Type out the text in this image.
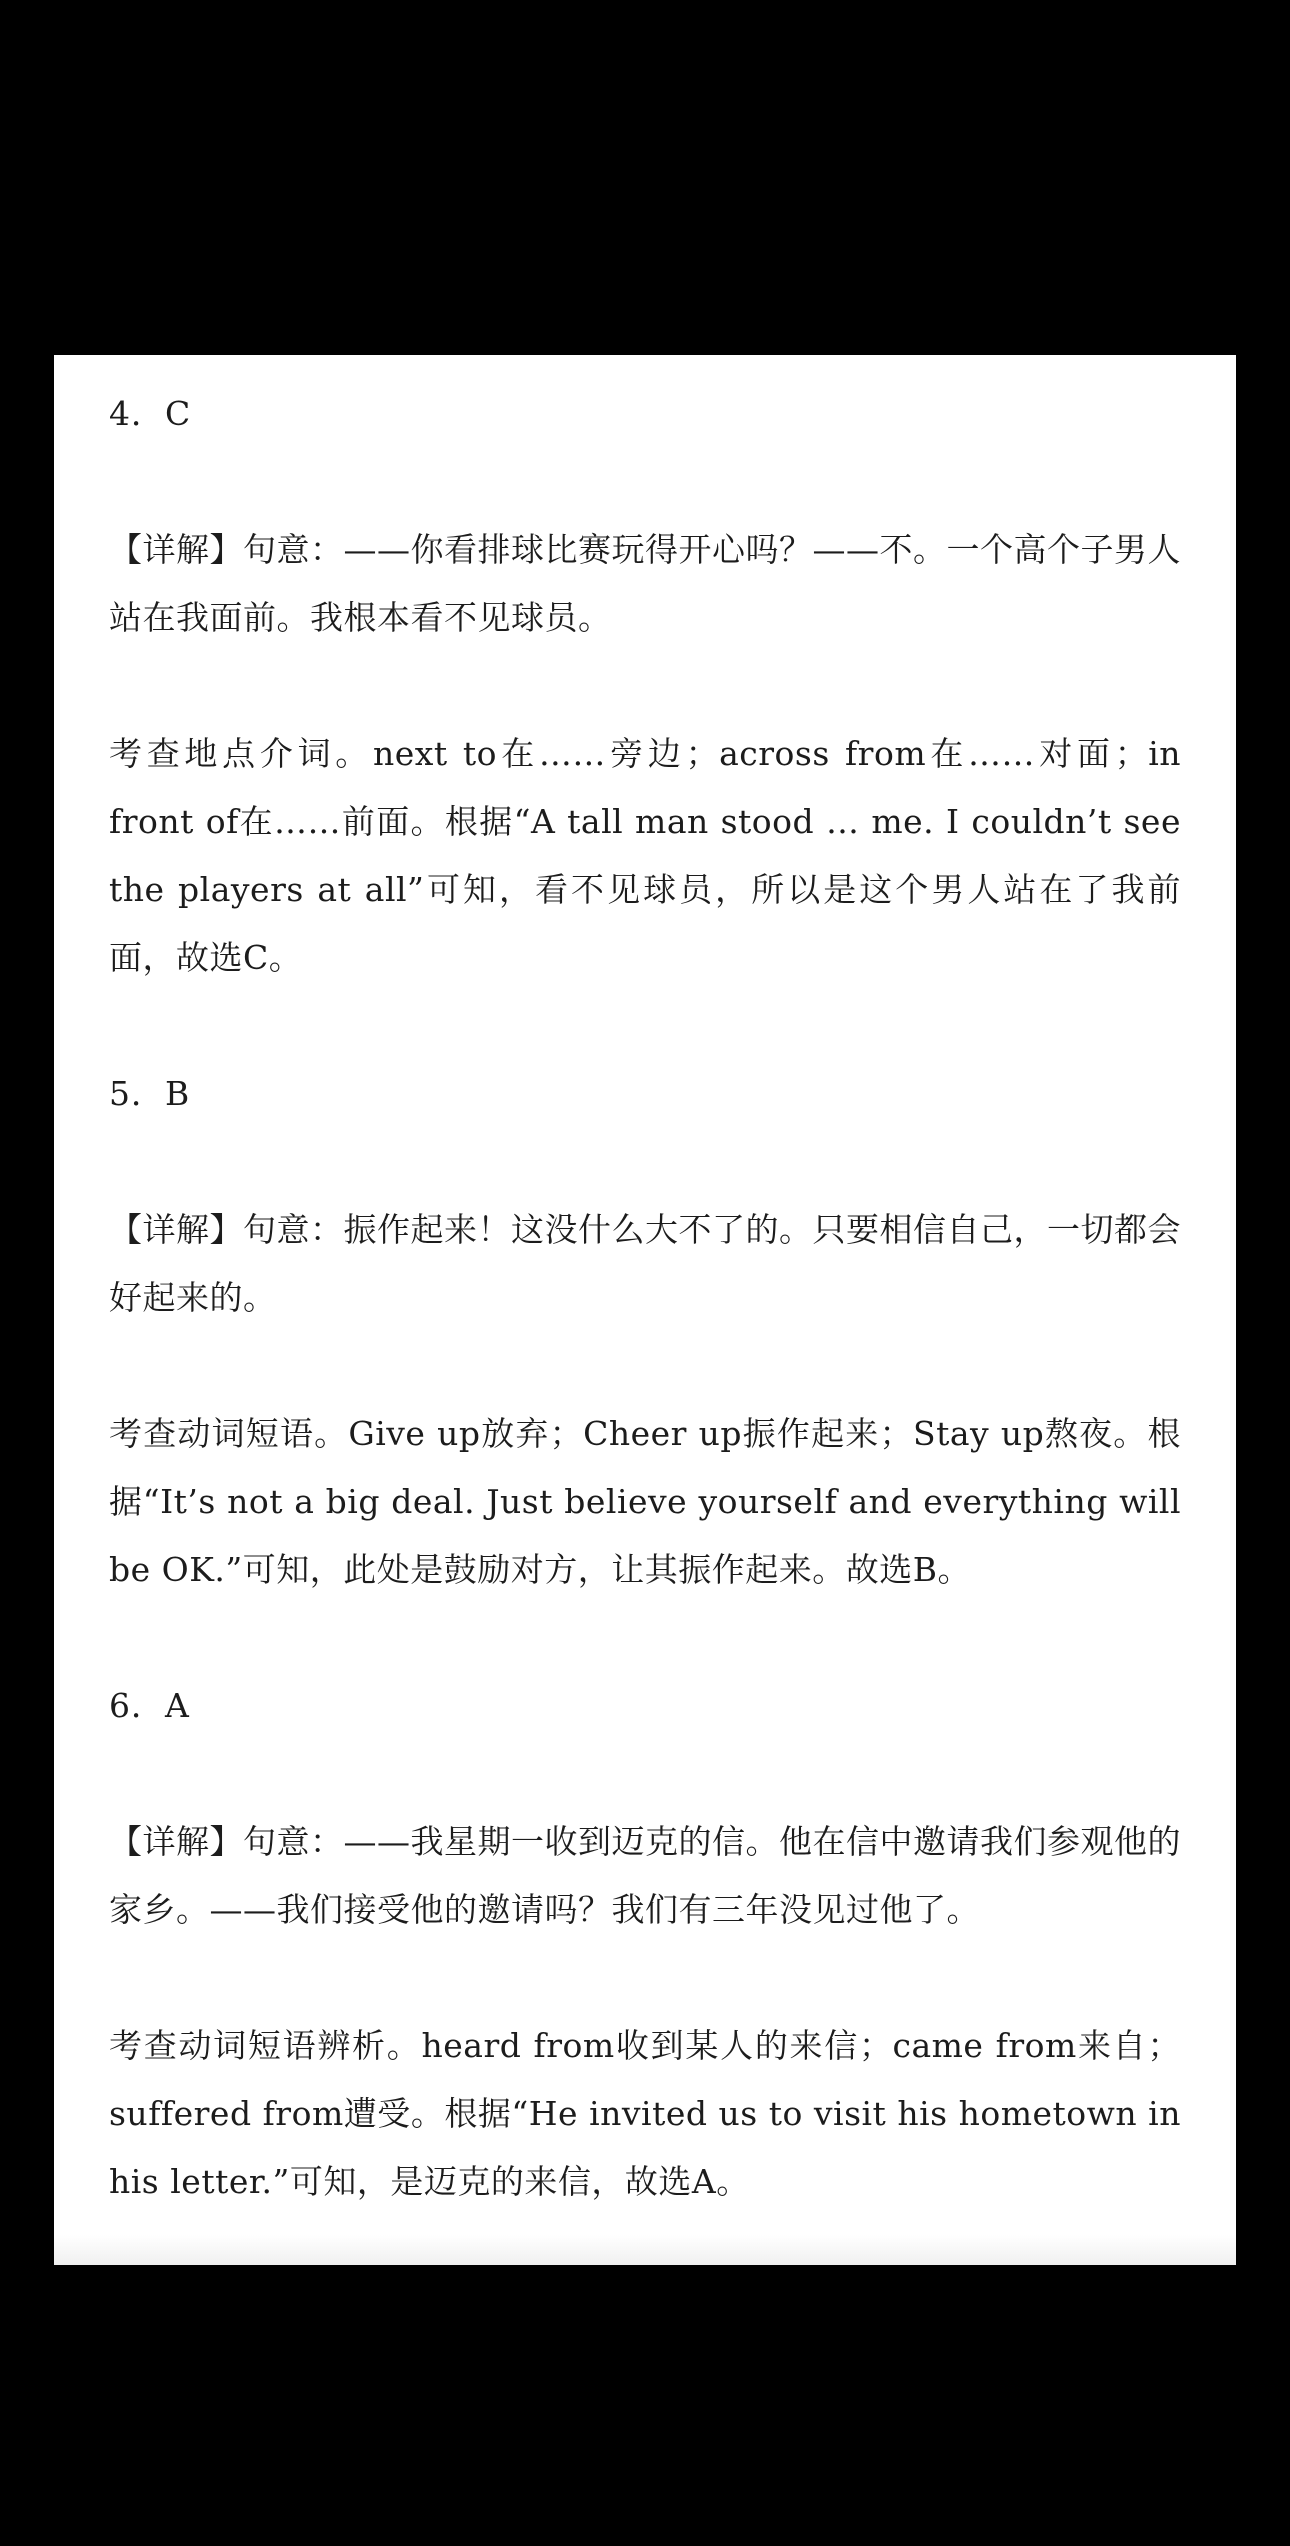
4．C

【详解】句意：——你看排球比赛玩得开心吗？——不。一个高个子男人站在我面前。我根本看不见球员。

考查地点介词。next to在……旁边；across from在……对面；in front of在……前面。根据“A tall man stood … me. I couldn’t see the players at all”可知，看不见球员，所以是这个男人站在了我前面，故选C。

5．B

【详解】句意：振作起来！这没什么大不了的。只要相信自己，一切都会好起来的。

考查动词短语。Give up放弃；Cheer up振作起来；Stay up熬夜。根据“It’s not a big deal. Just believe yourself and everything will be OK.”可知，此处是鼓励对方，让其振作起来。故选B。

6．A

【详解】句意：——我星期一收到迈克的信。他在信中邀请我们参观他的家乡。——我们接受他的邀请吗？我们有三年没见过他了。

考查动词短语辨析。heard from收到某人的来信；came from来自；suffered from遭受。根据“He invited us to visit his hometown in his letter.”可知，是迈克的来信，故选A。
